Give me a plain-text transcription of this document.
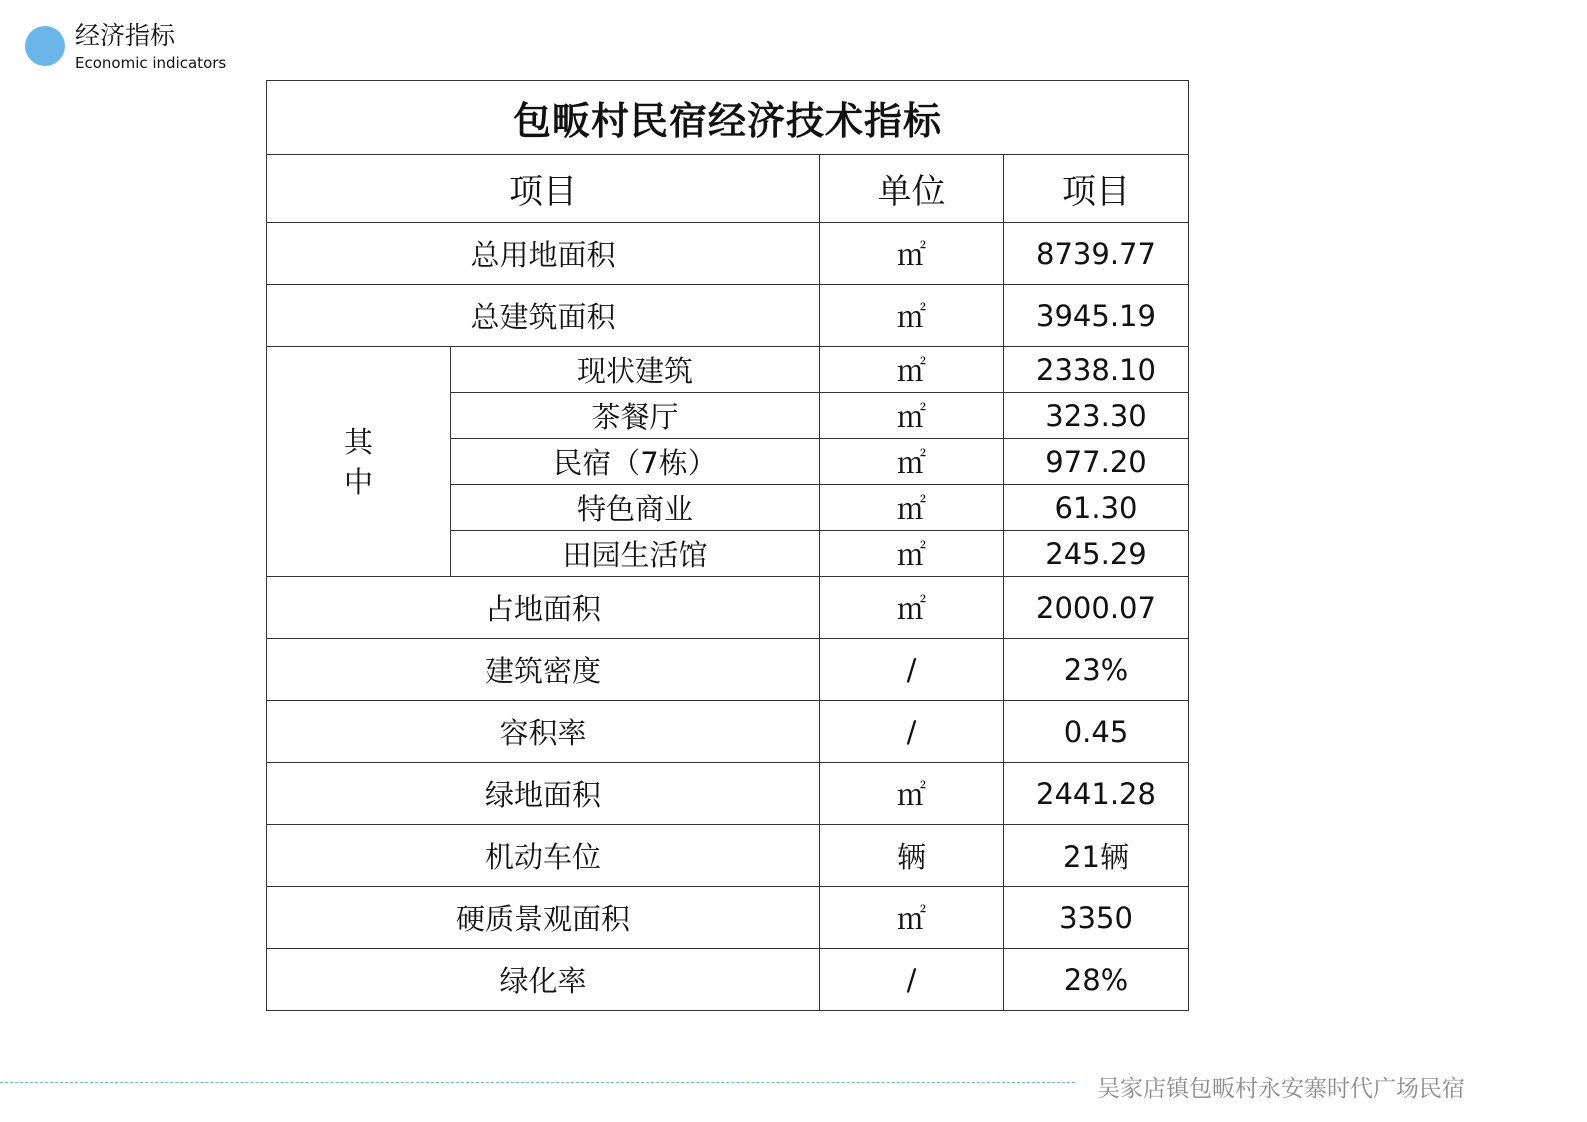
经济指标
Economic indicators
包畈村民宿经济技术指标			
项目		单位	项目
总用地面积		㎡	8739.77
总建筑面积		㎡	3945.19

其
中	现状建筑	㎡	2338.10
	茶餐厅	㎡	323.30
	民宿（7栋）	㎡	977.20
	特色商业	㎡	61.30
	田园生活馆	㎡	245.29
占地面积		㎡	2000.07
建筑密度		/	23%
容积率		/	0.45
绿地面积		㎡	2441.28
机动车位		辆	21辆
硬质景观面积		㎡	3350
绿化率		/	28%
吴家店镇包畈村永安寨时代广场民宿
